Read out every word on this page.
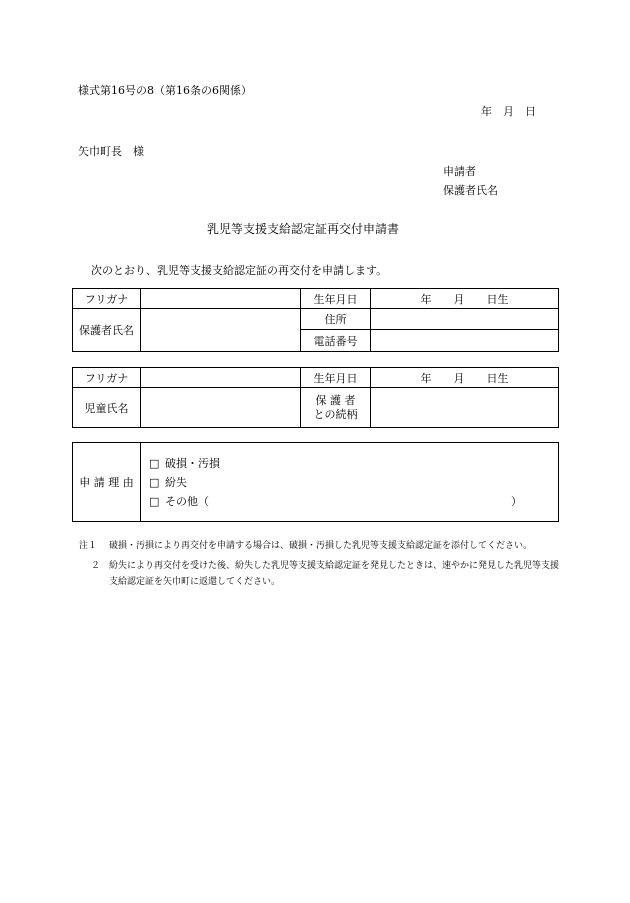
様式第16号の8（第16条の6関係）
年　月　日
矢巾町長　様
申請者
保護者氏名
乳児等支援支給認定証再交付申請書
次のとおり、乳児等支援支給認定証の再交付を申請します。
フリガナ		生年月日	年　　月　　日生
保護者氏名		住所	
		電話番号	
フリガナ		生年月日	年　　月　　日生
児童氏名		保 護 者
との続柄	

申 請 理 由	
□ 破損・汚損
□ 紛失
□ その他（	）
注１ 破損・汚損により再交付を申請する場合は、破損・汚損した乳児等支援支給認定証を添付してください。
２ 紛失により再交付を受けた後、紛失した乳児等支援支給認定証を発見したときは、速やかに発見した乳児等支援支給認定証を矢巾町に返還してください。
